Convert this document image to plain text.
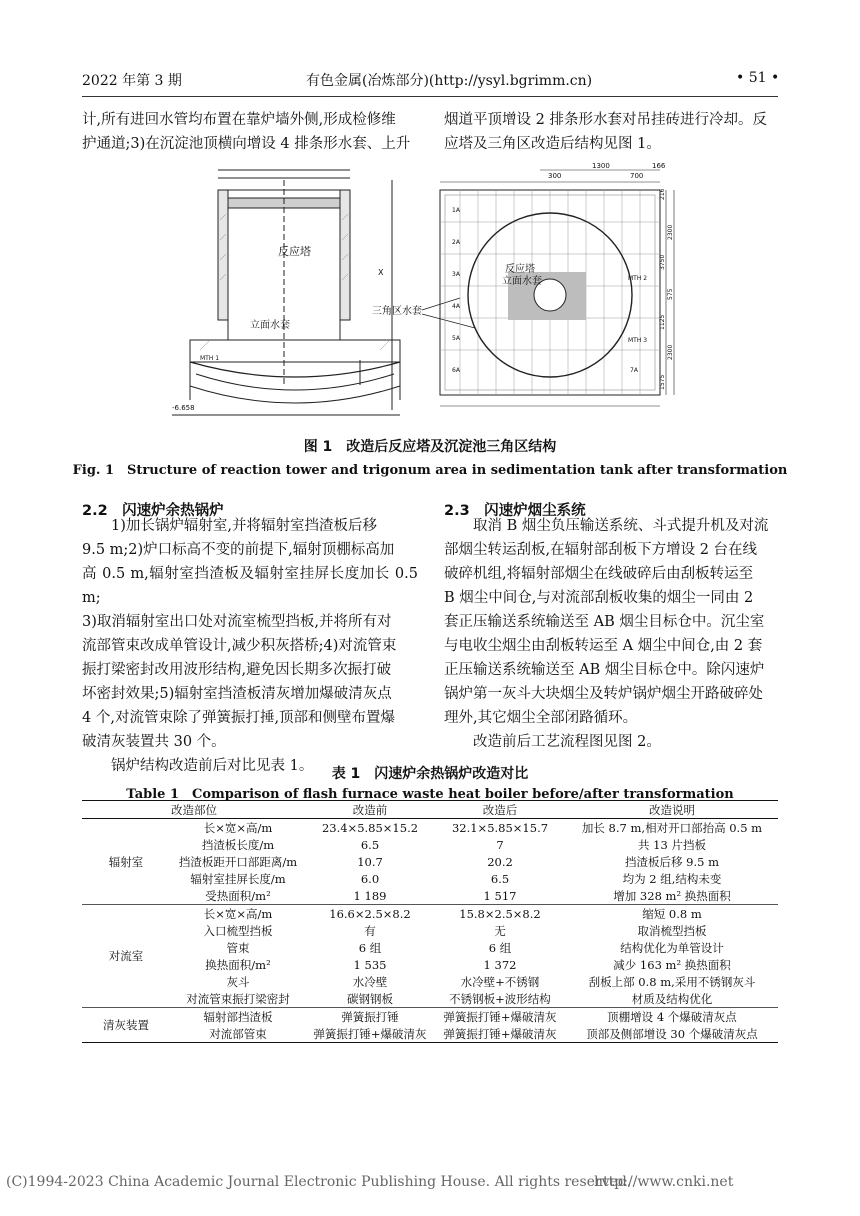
2022 年第 3 期	有色金属(冶炼部分)(http://ysyl.bgrimm.cn)	• 51 •
计,所有进回水管均布置在靠炉墙外侧,形成检修维
护通道;3)在沉淀池顶横向增设 4 排条形水套、上升
烟道平顶增设 2 排条形水套对吊挂砖进行冷却。反
应塔及三角区改造后结构见图 1。
反应塔
立面水套
X
-6.658
MTH 1
三角区水套
反应塔
立面水套
1A
2A
3A
4A
5A
6A	7A
MTH 2
MTH 3
300
1300
700
166
216
2300
3750
575
1125
2300
1575
图 1　改造后反应塔及沉淀池三角区结构
Fig. 1　Structure of reaction tower and trigonum area in sedimentation tank after transformation
2.2　闪速炉余热锅炉
1)加长锅炉辐射室,并将辐射室挡渣板后移
9.5 m;2)炉口标高不变的前提下,辐射顶棚标高加
高 0.5 m,辐射室挡渣板及辐射室挂屏长度加长 0.5 m;
3)取消辐射室出口处对流室梳型挡板,并将所有对
流部管束改成单管设计,减少积灰搭桥;4)对流管束
振打梁密封改用波形结构,避免因长期多次振打破
坏密封效果;5)辐射室挡渣板清灰增加爆破清灰点
4 个,对流管束除了弹簧振打捶,顶部和侧壁布置爆
破清灰装置共 30 个。
锅炉结构改造前后对比见表 1。
2.3　闪速炉烟尘系统
取消 B 烟尘负压输送系统、斗式提升机及对流
部烟尘转运刮板,在辐射部刮板下方增设 2 台在线
破碎机组,将辐射部烟尘在线破碎后由刮板转运至
B 烟尘中间仓,与对流部刮板收集的烟尘一同由 2
套正压输送系统输送至 AB 烟尘目标仓中。沉尘室
与电收尘烟尘由刮板转运至 A 烟尘中间仓,由 2 套
正压输送系统输送至 AB 烟尘目标仓中。除闪速炉
锅炉第一灰斗大块烟尘及转炉锅炉烟尘开路破碎处
理外,其它烟尘全部闭路循环。
改造前后工艺流程图见图 2。
表 1　闪速炉余热锅炉改造对比
Table 1　Comparison of flash furnace waste heat boiler before/after transformation
改造部位		改造前	改造后	改造说明
辐射室	长×宽×高/m	23.4×5.85×15.2	32.1×5.85×15.7	加长 8.7 m,相对开口部抬高 0.5 m
	挡渣板长度/m	6.5	7	共 13 片挡板
	挡渣板距开口部距离/m	10.7	20.2	挡渣板后移 9.5 m
	辐射室挂屏长度/m	6.0	6.5	均为 2 组,结构未变
	受热面积/m²	1 189	1 517	增加 328 m² 换热面积
对流室	长×宽×高/m	16.6×2.5×8.2	15.8×2.5×8.2	缩短 0.8 m
	入口梳型挡板	有	无	取消梳型挡板
	管束	6 组	6 组	结构优化为单管设计
	换热面积/m²	1 535	1 372	减少 163 m² 换热面积
	灰斗	水冷壁	水冷壁+不锈钢	刮板上部 0.8 m,采用不锈钢灰斗
	对流管束振打梁密封	碳钢钢板	不锈钢板+波形结构	材质及结构优化
清灰装置	辐射部挡渣板	弹簧振打锤	弹簧振打锤+爆破清灰	顶棚增设 4 个爆破清灰点
	对流部管束	弹簧振打锤+爆破清灰	弹簧振打锤+爆破清灰	顶部及侧部增设 30 个爆破清灰点
(C)1994-2023 China Academic Journal Electronic Publishing House. All rights reserved.
http://www.cnki.net
